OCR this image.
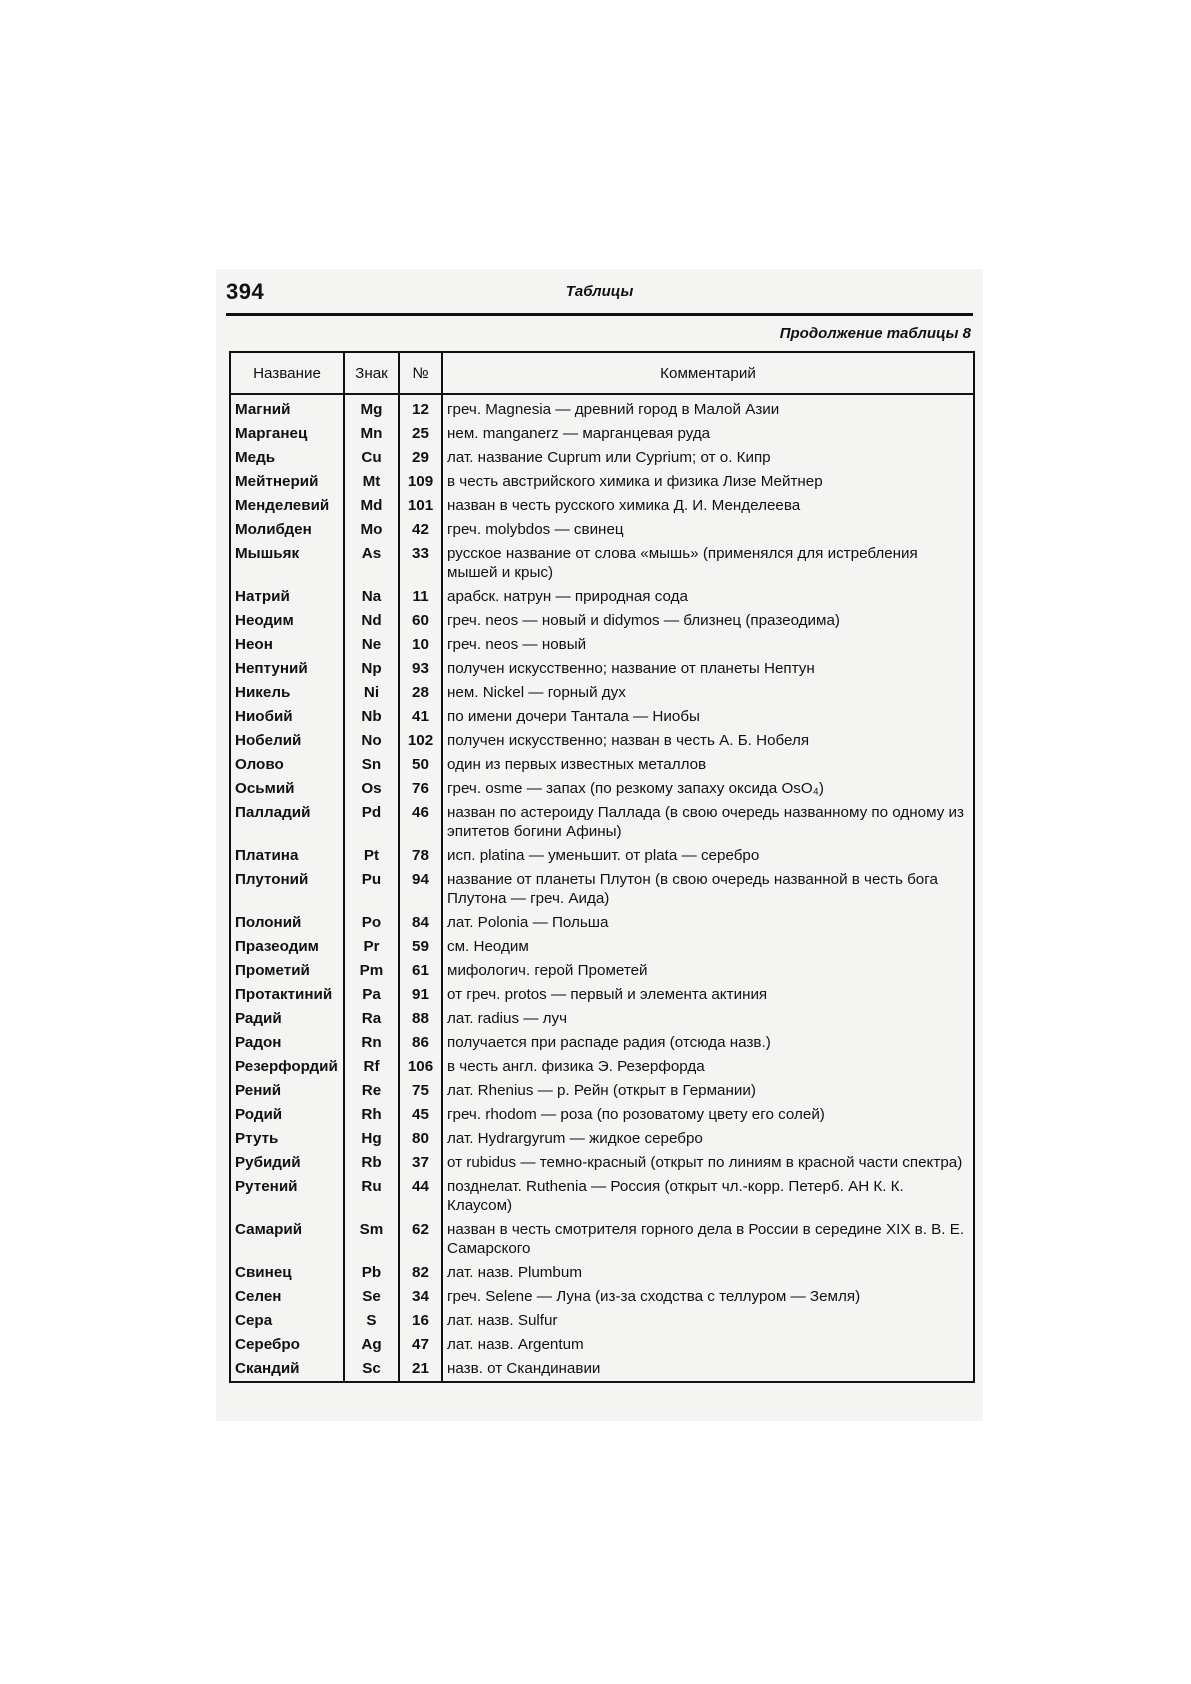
394	Таблицы
Продолжение таблицы 8
Название	Знак	№	Комментарий
Магний	Mg	12	греч. Magnesia — древний город в Малой Азии
Марганец	Mn	25	нем. manganerz — марганцевая руда
Медь	Cu	29	лат. название Cuprum или Cyprium; от о. Кипр
Мейтнерий	Mt	109	в честь австрийского химика и физика Лизе Мейтнер
Менделевий	Md	101	назван в честь русского химика Д. И. Менделеева
Молибден	Mo	42	греч. molybdos — свинец
Мышьяк	As	33	русское название от слова «мышь» (применялся для истребления мышей и крыс)
Натрий	Na	11	арабск. натрун — природная сода
Неодим	Nd	60	греч. neos — новый и didymos — близнец (празеодима)
Неон	Ne	10	греч. neos — новый
Нептуний	Np	93	получен искусственно; название от планеты Нептун
Никель	Ni	28	нем. Nickel — горный дух
Ниобий	Nb	41	по имени дочери Тантала — Ниобы
Нобелий	No	102	получен искусственно; назван в честь А. Б. Нобеля
Олово	Sn	50	один из первых известных металлов
Осьмий	Os	76	греч. osme — запах (по резкому запаху оксида OsO₄)
Палладий	Pd	46	назван по астероиду Паллада (в свою очередь названному по одному из эпитетов богини Афины)
Платина	Pt	78	исп. platina — уменьшит. от plata — серебро
Плутоний	Pu	94	название от планеты Плутон (в свою очередь названной в честь бога Плутона — греч. Аида)
Полоний	Po	84	лат. Polonia — Польша
Празеодим	Pr	59	см. Неодим
Прометий	Pm	61	мифологич. герой Прометей
Протактиний	Pa	91	от греч. protos — первый и элемента актиния
Радий	Ra	88	лат. radius — луч
Радон	Rn	86	получается при распаде радия (отсюда назв.)
Резерфордий	Rf	106	в честь англ. физика Э. Резерфорда
Рений	Re	75	лат. Rhenius — р. Рейн (открыт в Германии)
Родий	Rh	45	греч. rhodom — роза (по розоватому цвету его солей)
Ртуть	Hg	80	лат. Hydrargyrum — жидкое серебро
Рубидий	Rb	37	от rubidus — темно-красный (открыт по линиям в красной части спектра)
Рутений	Ru	44	позднелат. Ruthenia — Россия (открыт чл.-корр. Петерб. АН К. К. Клаусом)
Самарий	Sm	62	назван в честь смотрителя горного дела в России в середине XIX в. В. Е. Самарского
Свинец	Pb	82	лат. назв. Plumbum
Селен	Se	34	греч. Selene — Луна (из-за сходства с теллуром — Земля)
Сера	S	16	лат. назв. Sulfur
Серебро	Ag	47	лат. назв. Argentum
Скандий	Sc	21	назв. от Скандинавии
